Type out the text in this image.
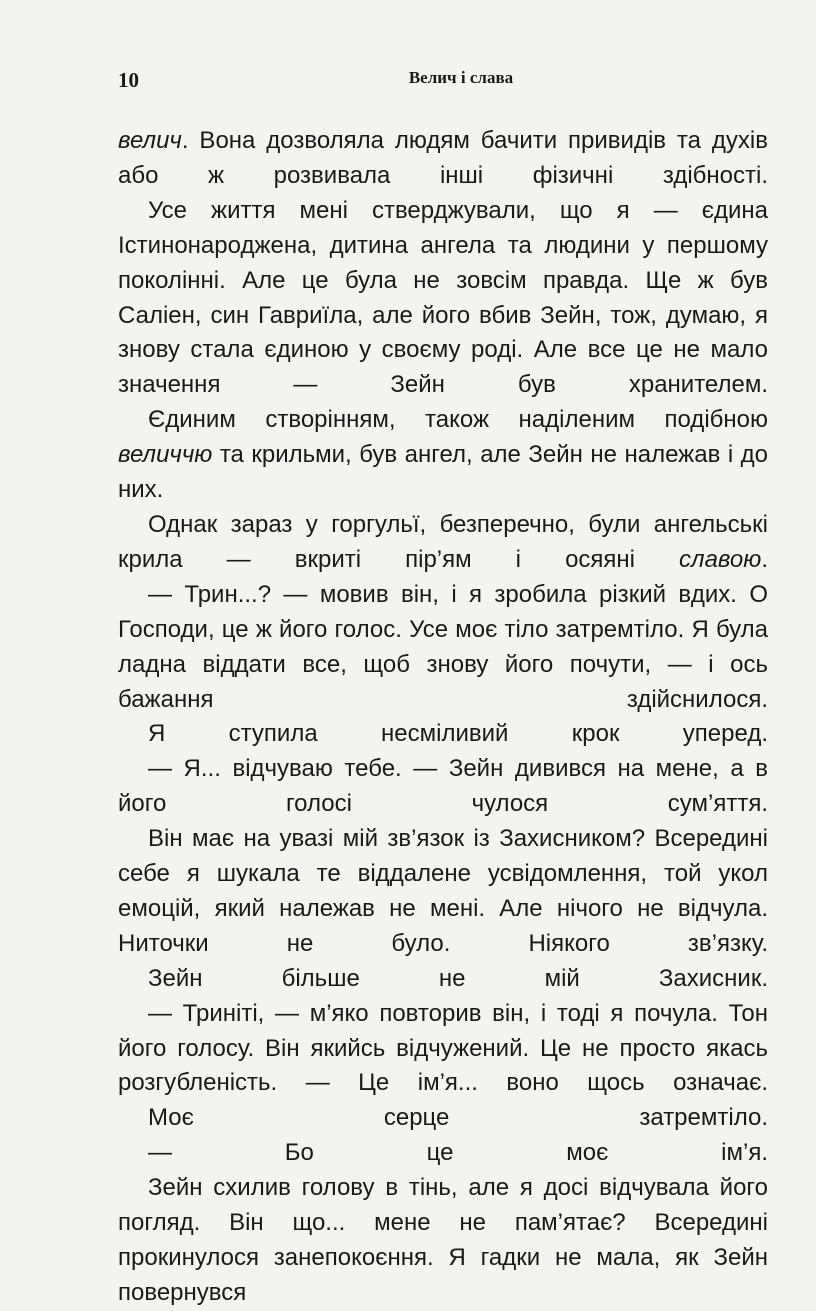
10	Велич і слава

велич. Вона дозволяла людям бачити привидів та духів або ж розвивала інші фізичні здібності.

Усе життя мені стверджували, що я — єдина Істинонароджена, дитина ангела та людини у першому поколінні. Але це була не зовсім правда. Ще ж був Саліен, син Гавриїла, але його вбив Зейн, тож, думаю, я знову стала єдиною у своєму роді. Але все це не мало значення — Зейн був хранителем.

Єдиним створінням, також наділеним подібною величчю та крильми, був ангел, але Зейн не належав і до них.

Однак зараз у горгульї, безперечно, були ангельські крила — вкриті пір’ям і осяяні славою.

— Трин...? — мовив він, і я зробила різкий вдих. О Господи, це ж його голос. Усе моє тіло затремтіло. Я була ладна віддати все, щоб знову його почути, — і ось бажання здійснилося.

Я ступила несміливий крок уперед.

— Я... відчуваю тебе. — Зейн дивився на мене, а в його голосі чулося сум’яття.

Він має на увазі мій зв’язок із Захисником? Всередині себе я шукала те віддалене усвідомлення, той укол емоцій, який належав не мені. Але нічого не відчула. Ниточки не було. Ніякого зв’язку.

Зейн більше не мій Захисник.

— Триніті, — м’яко повторив він, і тоді я почула. Тон його голосу. Він якийсь відчужений. Це не просто якась розгубленість. — Це ім’я... воно щось означає.

Моє серце затремтіло.

— Бо це моє ім’я.

Зейн схилив голову в тінь, але я досі відчувала його погляд. Він що... мене не пам’ятає? Всередині прокинулося занепокоєння. Я гадки не мала, як Зейн повернувся
